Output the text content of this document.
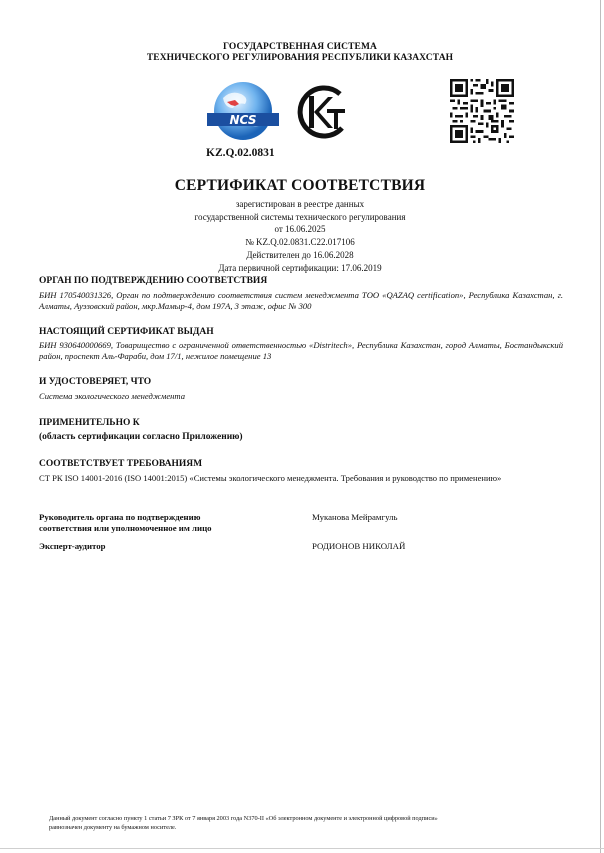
ГОСУДАРСТВЕННАЯ СИСТЕМА
ТЕХНИЧЕСКОГО РЕГУЛИРОВАНИЯ РЕСПУБЛИКИ КАЗАХСТАН
NCS
KZ.Q.02.0831
СЕРТИФИКАТ СООТВЕТСТВИЯ
зарегистирован в реестре данных
государственной системы технического регулирования
от 16.06.2025
№ KZ.Q.02.0831.C22.017106
Действителен до 16.06.2028
Дата первичной сертификации: 17.06.2019
ОРГАН ПО ПОДТВЕРЖДЕНИЮ СООТВЕТСТВИЯ
БИН 170540031326, Орган по подтверждению соответствия систем менеджмента ТОО «QAZAQ certification», Республика Казахстан, г. Алматы, Ауэзовский район, мкр.Мамыр-4, дом 197А, 3 этаж, офис № 300
НАСТОЯЩИЙ СЕРТИФИКАТ ВЫДАН
БИН 930640000669, Товарищество с ограниченной ответственностью «Distritech», Республика Казахстан, город Алматы, Бостандыкский район, проспект Аль-Фараби, дом 17/1, нежилое помещение 13
И УДОСТОВЕРЯЕТ, ЧТО
Система экологического менеджмента
ПРИМЕНИТЕЛЬНО К
(область сертификации согласно Приложению)
СООТВЕТСТВУЕТ ТРЕБОВАНИЯМ
СТ РК ISO 14001-2016 (ISO 14001:2015) «Системы экологического менеджмента. Требования и руководство по применению»
Руководитель органа по подтверждению
соответствия или уполномоченное им лицо
Муканова Мейрамгуль
Эксперт-аудитор	РОДИОНОВ НИКОЛАЙ
Данный документ согласно пункту 1 статьи 7 ЗРК от 7 января 2003 года N370-II «Об электронном документе и электронной цифровой подписи»
равнозначен документу на бумажном носителе.
